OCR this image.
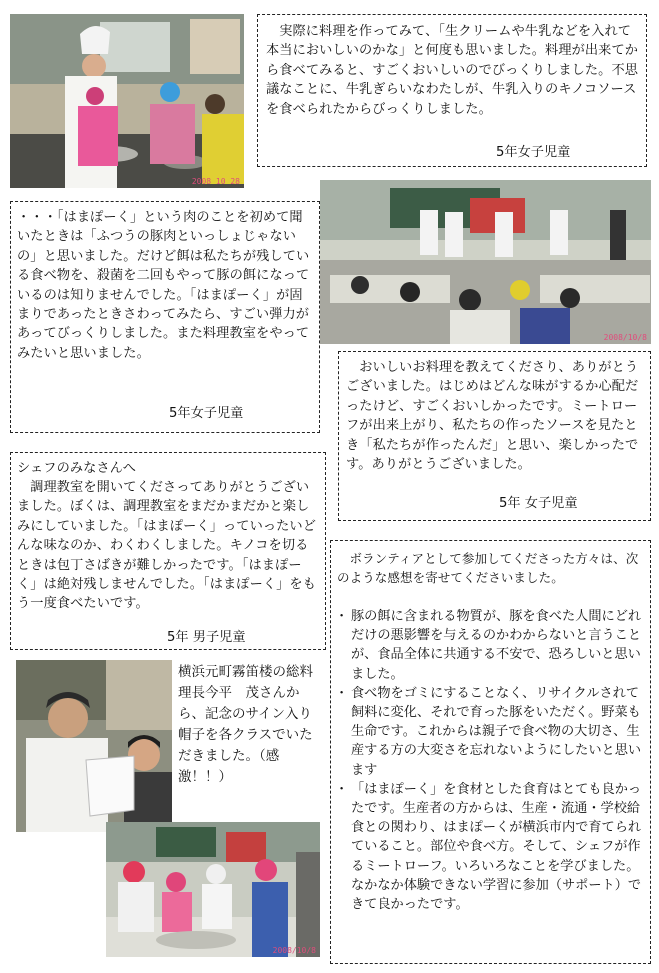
2008 10 28

実際に料理を作ってみて、「生クリームや牛乳などを入れて本当においしいのかな」と何度も思いました。料理が出来てから食べてみると、すごくおいしいのでびっくりしました。不思議なことに、牛乳ぎらいなわたしが、牛乳入りのキノコソースを食べられたからびっくりしました。

5年女子児童
2008/10/8

・・・「はまぽーく」という肉のことを初めて聞いたときは「ふつうの豚肉といっしょじゃないの」と思いました。だけど餌は私たちが残している食べ物を、殺菌を二回もやって豚の餌になっているのは知りませんでした。「はまぽーく」が固まりであったときさわってみたら、すごい弾力があってびっくりしました。また料理教室をやってみたいと思いました。

5年女子児童

おいしいお料理を教えてくださり、ありがとうございました。はじめはどんな味がするか心配だったけど、すごくおいしかったです。ミートローフが出来上がり、私たちの作ったソースを見たとき「私たちが作ったんだ」と思い、楽しかったです。ありがとうございました。

5年 女子児童
シェフのみなさんへ

調理教室を開いてくださってありがとうございました。ぼくは、調理教室をまだかまだかと楽しみにしていました。「はまぽーく」っていったいどんな味なのか、わくわくしました。キノコを切るときは包丁さばきが難しかったです。「はまぽーく」は絶対残しませんでした。「はまぽーく」をもう一度食べたいです。

5年 男子児童

ボランティアとして参加してくださった方々は、次のような感想を寄せてくださいました。

・ 豚の餌に含まれる物質が、豚を食べた人間にどれだけの悪影響を与えるのかわからないと言うことが、食品全体に共通する不安で、恐ろしいと思いました。
・ 食べ物をゴミにすることなく、リサイクルされて飼料に変化、それで育った豚をいただく。野菜も生命です。これからは親子で食べ物の大切さ、生産する方の大変さを忘れないようにしたいと思います
・ 「はまぽーく」を食材とした食育はとても良かったです。生産者の方からは、生産・流通・学校給食との関わり、はまぽーくが横浜市内で育てられていること。部位や食べ方。そして、シェフが作るミートローフ。いろいろなことを学びました。なかなか体験できない学習に参加（サポート）できて良かったです。
横浜元町霧笛楼の総料理長今平　茂さんから、記念のサイン入り帽子を各クラスでいただきました。（感激！！）
2008/10/8
